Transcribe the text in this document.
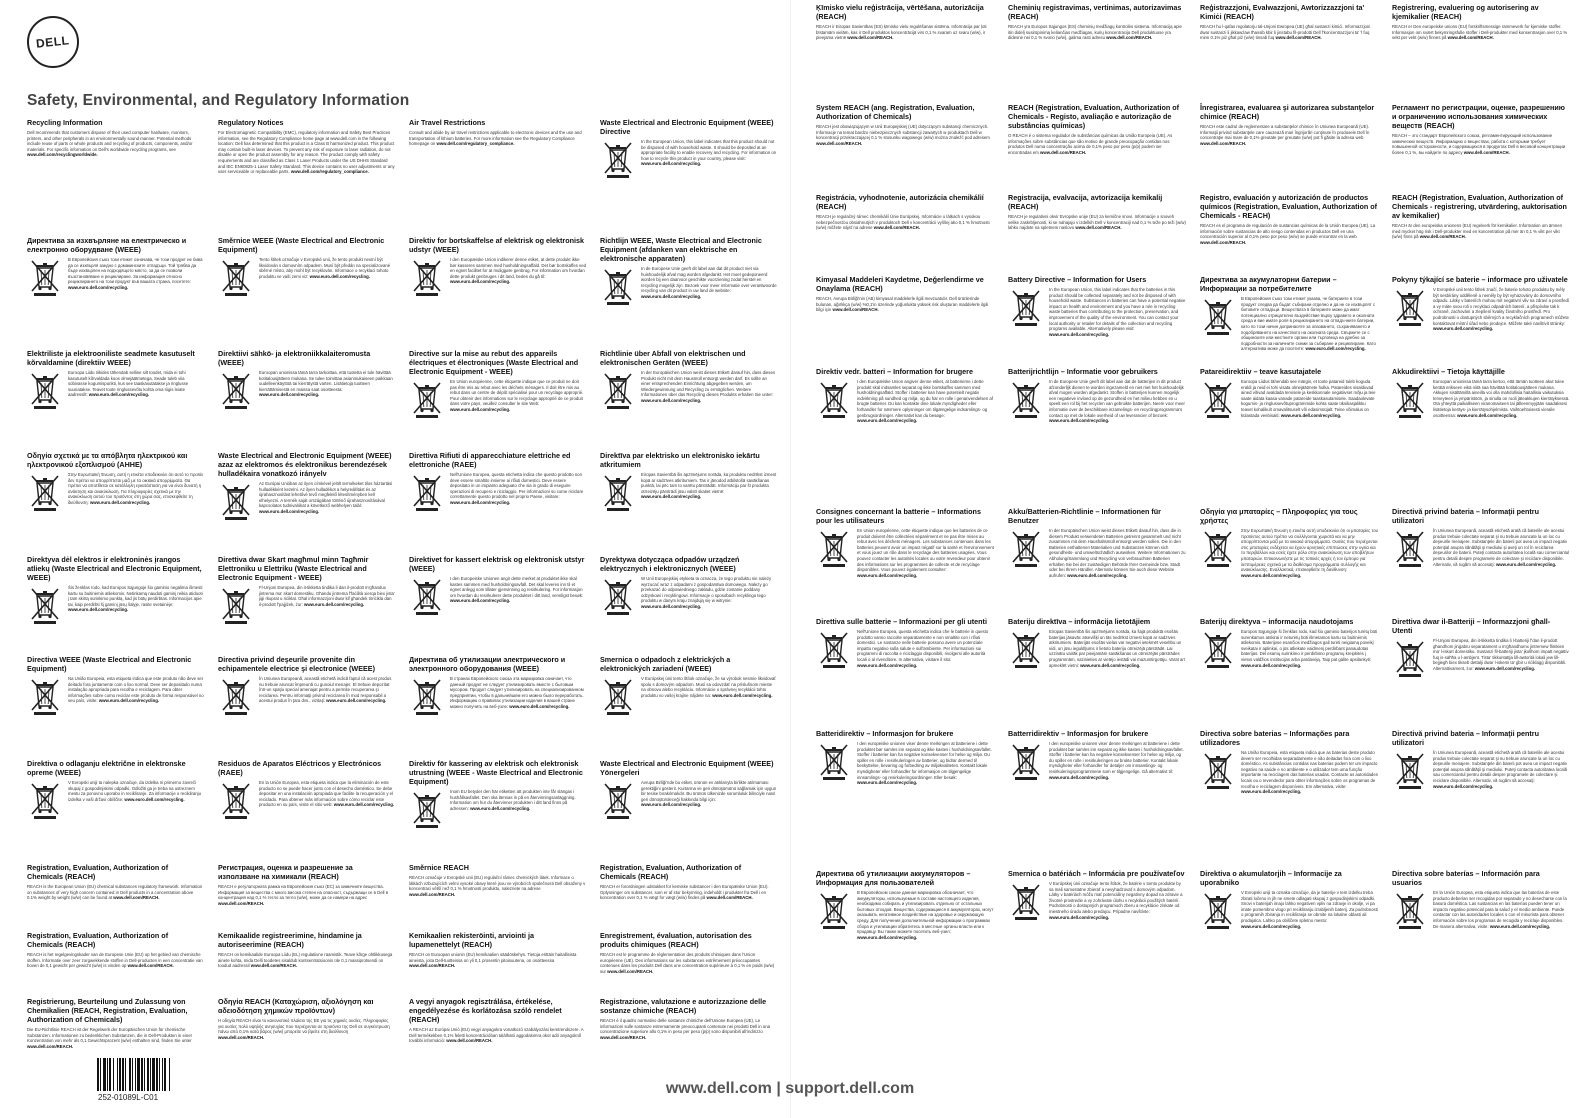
DELL
Safety, Environmental, and Regulatory Information
Recycling Information

Dell recommends that customers dispose of their used computer hardware, monitors, printers, and other peripherals in an environmentally sound manner. Potential methods include reuse of parts or whole products and recycling of products, components, and/or materials. For specific information on Dell's worldwide recycling programs, see www.dell.com/recyclingworldwide.

Regulatory Notices

For Electromagnetic Compatibility (EMC), regulatory information and Safety Best Practices information, see the Regulatory Compliance home page at www.dell.com in the following location: Dell has determined that this product is a Class B harmonized product. This product may contain built-in laser devices. To prevent any risk of exposure to laser radiation, do not disable or open the product assembly for any reason. The product comply with safety requirements and are classified as Class 1 Laser Products under the US DHHS Standard and IEC EN60825-1 Laser Safety Standard. This device contains no user adjustments or any user serviceable or replaceable parts. www.dell.com/regulatory_compliance.

Air Travel Restrictions

Consult and abide by air travel restrictions applicable to electronic devices and the use and transportation of lithium batteries. For more information see the Regulatory Compliance homepage on www.dell.com/regulatory_compliance.

Waste Electrical and Electronic Equipment (WEEE) Directive

In the European Union, this label indicates that this product should not be disposed of with household waste. It should be deposited at an appropriate facility to enable recovery and recycling. For information on how to recycle this product in your country, please visit: www.euro.dell.com/recycling.

Директива за изхвърляне на електрическо и електронно оборудване (WEEE)

В Европейския съюз този етикет означава, че този продукт не бива да се изхвърля заедно с домакинските отпадъци. Той трябва да бъде изхвърлен на подходящото място, за да се позволи възстановяване и рециклиране. За информация относно рециклирането на този продукт във вашата страна, посетете: www.euro.dell.com/recycling.

Směrnice WEEE (Waste Electrical and Electronic Equipment)

Tento štítek označuje v Evropské unii, že tento produkt nesmí být likvidován s domovním odpadem. Musí být předán na specializované sběrné místo, aby mohl být recyklován. Informace o recyklaci tohoto produktu ve vaší zemi viz: www.euro.dell.com/recycling.

Direktiv for bortskaffelse af elektrisk og elektronisk udstyr (WEEE)

I den Europæiske Union indikerer denne etiket, at dette produkt ikke bør kasseres sammen med husholdningsaffald. Det bør bortskaffes ved en egnet facilitet for at muliggøre genbrug. For information om hvordan dette produkt genbruges i dit land, bedes du gå til: www.euro.dell.com/recycling.

Richtlijn WEEE, Waste Electrical and Electronic Equipment (afdanken van elektrische en elektronische apparaten)

In de Europese Unie geeft dit label aan dat dit product niet via huishoudelijk afval mag worden afgedankt. Het moet gedeponeerd worden bij een daarvoor geschikte voorziening zodat herstel en recycling mogelijk zijn. Bezoek voor meer informatie over verantwoorde recycling van dit product in uw land de website: www.euro.dell.com/recycling.

Elektriliste ja elektrooniliste seadmete kasutuselt kõrvaldamine (direktiiv WEEE)

Euroopa Liidu riikides tähendab selline silt toodet, mida ei tohi kasutuselt kõrvaldada koos olmejäätmetega. Seade tuleb viia sobivasse kogumispunkti, kus see taaskasutatakse ja ringlusse suunatakse. Teavet toote ringlussevõtu kohta oma riigis leiate aadressilt: www.euro.dell.com/recycling.

Direktiivi sähkö- ja elektroniikkalaiteromusta (WEEE)

Euroopan unionissa tämä tarra tarkoittaa, että tuotetta ei tule hävittää kotitalousjätteen mukana. Se tulee toimittaa asianmukaiseen paikkaan uudelleenkäyttöä tai kierrätystä varten. Lisätietoja tuotteen kierrättämisestä eri maissa saat osoitteesta: www.euro.dell.com/recycling.

Directive sur la mise au rebut des appareils électriques et électroniques (Waste Electrical and Electronic Equipment - WEEE)

En Union européenne, cette étiquette indique que ce produit ne doit pas être mis au rebut avec les déchets ménagers. Il doit être mis au rebut dans un centre de dépôt spécialisé pour un recyclage approprié. Pour obtenir des informations sur le recyclage approprié de ce produit dans votre pays, veuillez consulter le site Web: www.euro.dell.com/recycling.

Richtlinie über Abfall von elektrischen und elektronischen Geräten (WEEE)

In der Europäischen Union weist dieses Etikett darauf hin, dass dieses Produkt nicht mit dem Hausmüll entsorgt werden darf. Es sollte an einer entsprechenden Einrichtung abgegeben werden, um Wiedergewinnung und Recycling zu ermöglichen. Weitere Informationen über das Recycling dieses Produkts erhalten Sie unter: www.euro.dell.com/recycling.

Οδηγία σχετικά με τα απόβλητα ηλεκτρικού και ηλεκτρονικού εξοπλισμού (ΑΗΗΕ)

Στην Ευρωπαϊκή Ένωση, αυτή η ετικέτα υποδεικνύει ότι αυτό το προϊόν δεν πρέπει να απορρίπτεται μαζί με τα οικιακά απορρίμματα. Θα πρέπει να αποτίθεται σε κατάλληλη εγκατάσταση για να είναι δυνατή η ανάκτηση και ανακύκλωση. Για πληροφορίες σχετικά με την ανακύκλωση αυτού του προϊόντος στη χώρα σας, επισκεφθείτε τη διεύθυνση: www.euro.dell.com/recycling.

Waste Electrical and Electronic Equipment (WEEE) azaz az elektromos és elektronikus berendezések hulladékaira vonatkozó irányelv

Az Európai Unióban az ilyen címkével jelölt termékeket tilos háztartási hulladékként kezelni. Az ilyen hulladékot a helyreállítást és az újrahasznosítást lehetővé tevő megfelelő létesítményben kell elhelyezni. A termék saját országában történő újrahasznosításával kapcsolatos tudnivalókat a következő webhelyen talál: www.euro.dell.com/recycling.

Direttiva Rifiuti di apparecchiature elettriche ed elettroniche (RAEE)

Nell'Unione Europea, questa etichetta indica che questo prodotto non deve essere smaltito insieme ai rifiuti domestici. Deve essere depositato in un impianto adeguato che sia in grado di eseguire operazioni di recupero e riciclaggio. Per informazioni su come riciclare correttamente questo prodotto nel proprio Paese, visitare: www.euro.dell.com/recycling.

Direktīva par elektrisko un elektronisko iekārtu atkritumiem

Eiropas Savienībā šis apzīmējums norāda, ka produktu nedrīkst izmest kopā ar sadzīves atkritumiem. Tas ir jānodod atbilstošā savākšanas punktā, lai pēc tam to varētu pārstrādāt. Informāciju par šī produkta otrreizēju pārstrādi jūsu valstī skatiet vietnē: www.euro.dell.com/recycling.

Direktyva dėl elektros ir elektroninės įrangos atliekų (Waste Electrical and Electronic Equipment, WEEE)

Šis ženklas rodo, kad Europos Sąjungoje šio gaminio negalima išmesti kartu su buitinėmis atliekomis. Netinkamą naudoti gaminį reikia atiduoti į tam skirtą surinkimo punktą, kad jis būtų perdirbtas. Informacijos apie tai, kaip perdirbti šį gaminį jūsų šalyje, rasite svetainėje: www.euro.dell.com/recycling.

Direttiva dwar Skart magħmul minn Tagħmir Elettroniku u Elettriku (Waste Electrical and Electronic Equipment - WEEE)

Fl-Unjoni Ewropea, din it-tikketta tindika li dan il-prodott m'għandux jintrema ma' skart domestiku. Għandu jintrema f'faċilità xierqa biex jista' jiġi rkuprat u riċiklat. Għal informazzjoni dwar kif għandek tirriċikla dan il-prodott f'pajjiżek, żur: www.euro.dell.com/recycling.

Direktivet for kassert elektrisk og elektronisk utstyr (WEEE)

I den Europeiske Unionen angir dette merket at produktet ikke skal kastes sammen med husholdningsavfall. Det skal leveres inn til et egnet anlegg som tillater gjenvinning og resirkulering. For informasjon om hvordan du resirkulerer dette produktet i ditt land, vennligst besøk: www.euro.dell.com/recycling.

Dyrektywa dotycząca odpadów urządzeń elektrycznych i elektronicznych (WEEE)

W Unii Europejskiej etykieta ta oznacza, że tego produktu nie należy wyrzucać wraz z odpadami z gospodarstwa domowego. Należy go przekazać do odpowiedniego zakładu, gdzie zostanie poddany odzyskowi i recyklingowi. Informacje o sposobach recyklingu tego produktu w danym kraju znajdują się w witrynie: www.euro.dell.com/recycling.

Directiva WEEE (Waste Electrical and Electronic Equipment)

Na União Europeia, esta etiqueta indica que este produto não deve ser deitado fora juntamente com o lixo normal. Deve ser depositado numa instalação apropriada para recolha e reciclagem. Para obter informações sobre como reciclar este produto de forma responsável no seu país, visite: www.euro.dell.com/recycling.

Directiva privind deşeurile provenite din echipamentele electrice şi electronice (WEEE)

În Uniunea Europeană, această etichetă indică faptul că acest produs nu trebuie aruncat împreună cu gunoiul menajer. El trebuie depozitat într-un spaţiu special amenajat pentru a permite recuperarea şi reciclarea. Pentru informaţii privind reciclarea în mod responsabil a acestui produs în ţara dvs., vizitaţi: www.euro.dell.com/recycling.

Директива об утилизации электрического и электронного оборудования (WEEE)

В странах Европейского союза эта маркировка означает, что данный продукт не следует утилизировать вместе с бытовым мусором. Продукт следует утилизировать на специализированном предприятии, чтобы в дальнейшем его можно было переработать. Информацию о правилах утилизации изделия в вашей стране можно получить на веб-узле: www.euro.dell.com/recycling.

Smernica o odpadoch z elektrických a elektronických zariadení (WEEE)

V Európskej únii tento štítok označuje, že sa výrobok nesmie likvidovať spolu s domovým odpadom. Musí sa odovzdať na príslušnom mieste na obnovu alebo recykláciu. Informácie o správnej recyklácii tohto produktu vo vašej krajine nájdete na: www.euro.dell.com/recycling.

Direktiva o odlaganju električne in elektronske opreme (WEEE)

V Evropski uniji ta nalepka označuje, da izdelka ni primerno zavreči skupaj z gospodinjskimi odpadki. Odložiti ga je treba na ustreznem mestu za ponovno uporabo in recikliranje. Za informacije o recikliranju izdelka v vaši državi obiščite: www.euro.dell.com/recycling.

Residuos de Aparatos Eléctricos y Electrónicos (RAEE)

En la Unión Europea, esta etiqueta indica que la eliminación de este producto no se puede hacer junto con el desecho doméstico. Se debe depositar en una instalación apropiada que facilite la recuperación y el reciclado. Para obtener más información sobre cómo reciclar este producto en su país, visite el sitio web: www.euro.dell.com/recycling.

Direktiv för kassering av elektrisk och elektronisk utrustning (WEEE - Waste Electrical and Electronic Equipment)

Inom EU betyder den här etiketten att produkten inte får slängas i hushållsavfallet. Den ska lämnas in på en återvinningsanläggning. Information om hur du återvinner produkten i ditt land finns på adressen: www.euro.dell.com/recycling.

Waste Electrical and Electronic Equipment (WEEE) Yönergeleri

Avrupa Birliği'nde bu etiket, ürünün ev atıklarıyla birlikte atılmaması gerektiğini gösterir. Kurtarma ve geri dönüşümünü sağlamak için uygun bir tesise bırakılmalıdır. Bu ürünün ülkenizde sorumluluk bilinciyle nasıl geri dönüştürüleceği hakkında bilgi için: www.euro.dell.com/recycling.

Registration, Evaluation, Authorization of Chemicals (REACH)

REACH is the European Union (EU) chemical substances regulatory framework. Information on substances of very high concern contained in Dell products in a concentration above 0.1% weight by weight (w/w) can be found at www.dell.com/REACH.

Регистрация, оценка и разрешение за използване на химикали (REACH)

REACH е регулаторната рамка на Европейския съюз (ЕС) за химичните вещества. Информация за вещества с много висока степен на опасност, съдържащи се в Dell в концентрация над 0,1 % тегло за тегло (w/w), може да се намери на адрес www.dell.com/REACH.

Směrnice REACH

REACH označuje v Evropské unii (EU) regulační rámec chemických látek. Informace o látkách vzbuzujících velmi vysoké obavy které jsou ve výrobcích společnosti Dell obsaženy v koncentraci větší než 0,1 % hmotnosti produktu, naleznete na adrese www.dell.com/REACH.

Registration, Evaluation, Authorization of Chemicals (REACH)

REACH er forordningen udstukket for kemiske substancer i den Europæiske Union (EU). Oplysninger om substancer, som er af stor bekymring, indeholdt i produkter fra Dell i en koncentration over 0,1 % vægt for vægt (w/w) findes på www.dell.com/REACH.

Registration, Evaluation, Authorization of Chemicals (REACH)

REACH is het regelgevingskader van de Europese Unie (EU) op het gebied van chemische stoffen. Informatie over zeer zorgwekkende stoffen in Dell-producten in een concentratie van boven de 0,1 gewicht per gewicht (w/w) is vinden op www.dell.com/REACH.

Kemikaalide registreerimine, hindamine ja autoriseerimine (REACH)

REACH on kemikaalide Euroopa Liidu (EL) regulatiivne raamistik. Teave kõrge ohtlikkusega ainete kohta, mida Delli toodetes sisaldub kontsentratsioonis üle 0,1 massiprotsendi on toodud aadressil www.dell.com/REACH.

Kemikaalien rekisteröinti, arviointi ja lupamenettelyt (REACH)

REACH on Euroopan unionin (EU) kemikaalien säädöskehys. Tietoja erittäin haitallisista aineista, joita Dell-tuotteissa on yli 0,1 prosentin pitoisuutena, on osoitteessa www.dell.com/REACH.

Enregistrement, évaluation, autorisation des produits chimiques (REACH)

REACH est le programme de réglementation des produits chimiques dans l'Union européenne (UE). Des informations sur les substances extrêmement préoccupantes contenues dans les produits Dell dans une concentration supérieure à 0,1 % en poids (w/w) sur www.dell.com/REACH.

Registrierung, Beurteilung und Zulassung von Chemikalien (REACH, Registration, Evaluation, Authorization of Chemicals)

Die EU-Richtlinie REACH ist der Regelwerk der Europäischen Union für chemische Substanzen. Informationen zu bedenklichen Substanzen, die in Dell-Produkten in einer Konzentration von mehr als 0,1 Gewichtsprozent (w/w) enthalten sind, finden Sie unter www.dell.com/REACH.

Οδηγία REACH (Καταχώριση, αξιολόγηση και αδειοδότηση χημικών προϊόντων)

Η οδηγία REACH είναι το κανονιστικό πλαίσιο της ΕΕ για τις χημικές ουσίες. Πληροφορίες για ουσίες πολύ υψηλής ανησυχίας που περιέχονται σε προϊόντα της Dell σε συγκέντρωση πάνω από 0,1% κατά βάρος (w/w) μπορείτε να βρείτε στη διεύθυνση www.dell.com/REACH.

A vegyi anyagok regisztrálása, értékelése, engedélyezése és korlátozása szóló rendelet (REACH)

A REACH az Európai Unió (EU) vegyi anyagokra vonatkozó szabályozási keretrendszere. A Dell termékekben 0,1% feletti koncentrációban található aggodalomra okot adó anyagokról további információ: www.dell.com/REACH.

Registrazione, valutazione e autorizzazione delle sostanze chimiche (REACH)

REACH è il quadro normativo delle sostanze chimiche dell'Unione Europea (UE). Le informazioni sulle sostanze estremamente preoccupanti contenute nei prodotti Dell in una concentrazione superiore allo 0,1% in peso per peso (p/p) sono disponibili all'indirizzo www.dell.com/REACH.

252-01089L-C01
Ķīmisko vielu reģistrācija, vērtēšana, autorizācija (REACH)

REACH ir Eiropas Savienības (ES) ķīmisko vielu regulēšanas sistēma. Informācija par ļoti bīstamām vielām, kas ir Dell produktos koncentrācijā virs 0,1 % svaram uz svaru (w/w), ir pieejama vietnē www.dell.com/REACH.

Cheminių registravimas, vertinimas, autorizavimas (REACH)

REACH yra Europos Sąjungos (ES) cheminių medžiagų kontrolės sistema. Informaciją apie itin didelį susirūpinimą keliančias medžiagas, kurių koncentracija Dell produktuose yra didesnė nei 0,1 % svorio (w/w), galima rasti adresu www.dell.com/REACH.

Reģistrazzjoni, Evalwazzjoni, Awtorizzazzjoni ta' Kimiċi (REACH)

REACH hu l-qafas regolatorju tal-Unjoni Ewropea (UE) għal sustanzi kimiċi. Informazzjoni dwar sustanzi li jikkawżaw tħassib kbir li jinstabu fil-prodotti Dell f'konċentrazzjoni ta' 'l fuq minn 0.1% piż għal piż (w/w) tinsab fuq www.dell.com/REACH.

Registrering, evaluering og autorisering av kjemikalier (REACH)

REACH er Den europeiske unions (EU) forskriftsmessige rammeverk for kjemiske stoffer. Informasjon om svært bekymringsfulle stoffer i Dell-produkter med konsentrasjon over 0,1 % vekt per vekt (w/w) finnes på www.dell.com/REACH.

System REACH (ang. Registration, Evaluation, Authorization of Chemicals)

REACH jest obowiązującym w Unii Europejskiej (UE) dotyczącym substancji chemicznych. Informacje na temat bardzo niebezpiecznych substancji zawartych w produktach Dell w koncentracji przekraczającej 0,1 % stosunku wagowego (w/w) można znaleźć pod adresem www.dell.com/REACH.

REACH (Registration, Evaluation, Authorization of Chemicals - Registo, avaliação e autorização de substâncias químicas)

O REACH é o sistema regulador de substâncias químicas da União Europeia (UE). As informações sobre substâncias que são motivo de grande preocupação contidas nos produtos Dell numa concentração acima de 0,1% peso por peso (p/p) podem ser encontradas em www.dell.com/REACH.

Înregistrarea, evaluarea şi autorizarea substanţelor chimice (REACH)

REACH este cadrul de reglementare a substanţelor chimice în Uniunea Europeană (UE). Informaţii privind substanţele care cauzează mari îngrijorări conţinute în produsele Dell în concentraţie mai mare de 0,1% greutate per greutate (w/w) pot fi găsite la adresa web www.dell.com/REACH.

Регламент по регистрации, оценке, разрешению и ограничению использования химических веществ (REACH)

REACH – это стандарт Европейского союза, регламентирующий использование химических веществ. Информацию о веществах, работа с которыми требует повышенной осторожности, и содержащихся в продуктах Dell в весовой концентрации более 0,1 %, вы найдете по адресу www.dell.com/REACH.

Registrácia, vyhodnotenie, autorizácia chemikálií (REACH)

REACH je regulačný rámec chemikálií Únie Európskej. Informácie o látkach s vysokou nebezpečnosťou obsiahnutých v produktoch Dell v koncentrácii vyššej ako 0,1 % hmotnosti (w/w) môžete nájsť na adrese www.dell.com/REACH.

Registracija, evalvacija, avtorizacija kemikalij (REACH)

REACH je regulativni okvir Evropske unije (EU) za kemične snovi. Informacije o snoveh velike zaskrbljenosti, ki se nahajajo v izdelkih Dell v koncentraciji nad 0,1 % teže po teži (w/w) lahko najdete na spletnem naslovu www.dell.com/REACH.

Registro, evaluación y autorización de productos químicos (Registration, Evaluation, Authorization of Chemicals - REACH)

REACH es el programa de regulación de sustancias químicas de la Unión Europea (UE). La información sobre sustancias de alto riesgo contenidas en productos Dell en una concentración superior al 0,1% peso por peso (w/w) se puede encontrar en la web www.dell.com/REACH.

REACH (Registration, Evaluation, Authorization of Chemicals - registrering, utvärdering, auktorisation av kemikalier)

REACH är den europeiska unionens (EU) regelverk för kemikalier. Information om ämnen med mycket hög risk i Dell-produkter med en koncentration på mer än 0,1 % vikt per vikt (w/w) finns på www.dell.com/REACH.

Kimyasal Maddeleri Kaydetme, Değerlendirme ve Onaylama (REACH)

REACH, Avrupa Birliği'nin (AB) kimyasal maddelerle ilgili mevzuatıdır. Dell ürünlerinde bulunan, ağırlıkça (w/w) %0,1'in üzerinde yoğunlukta yüksek risk oluşturan maddelerle ilgili bilgi için www.dell.com/REACH.

Battery Directive – Information for Users

In the European Union, this label indicates that the batteries in this product should be collected separately and not be disposed of with household waste. Substances in batteries can have a potential negative impact on health and environment and you have a role in recycling waste batteries thus contributing to the protection, preservation, and improvement of the quality of the environment. You can contact your local authority or retailer for details of the collection and recycling programs available. Alternatively please visit: www.euro.dell.com/recycling.

Директива за акумулаторни батерии – Информации за потребителите

В Европейския съюз този етикет указва, че батериите в този продукт следва да бъдат събирани отделно и да не се изхвърлят с битовите отпадъци. Веществата в батериите може да имат потенциално отрицателно въздействие върху здравето и околната среда и вие имате роля в рециклирането на отпадъчните батерии, като по този начин допринасяте за опазването, съхраняването и подобряването на качеството на околната среда. Свържете се с общинските или местните органи или търговеца на дребно за подробности за наличните схеми за събиране и рециклиране. Като алтернатива може да посетите: www.euro.dell.com/recycling.

Pokyny týkající se baterie – informace pro uživatele

V Evropské unii tento štítek značí, že baterie tohoto produktu by měly být sesbírány odděleně a neměly by být vyhazovány do domovního odpadu. Látky v bateriích mohou mít negativní vliv na zdraví a prostředí a vy máte svou roli v recyklaci odpadních baterií, a přispíváte tak k ochraně, zachování a zlepšení kvality životního prostředí. Pro podrobnosti o dostupných sběrných a recyklačních programech můžete kontaktovat místní úřad nebo prodejce. Můžete také navštívit stránky: www.euro.dell.com/recycling.

Direktiv vedr. batteri – Information for brugere

I den Europæiske Union angiver denne etiket, at batterierne i dette produkt skal indsamles separat og ikke bortskaffes sammen med husholdningsaffald. Stoffer i batterier kan have potentielt negativ indvirkning på sundhed og miljø, og du har en rolle i genanvendelsen af brugte batterier. Du kan kontakte dine lokale myndigheder eller forhandler for nærmere oplysninger om tilgængelige indsamlings- og genbrugsordninger. Alternativt kan du besøge: www.euro.dell.com/recycling.

Batterijrichtlijn – Informatie voor gebruikers

In de Europese Unie geeft dit label aan dat de batterijen in dit product afzonderlijk dienen te worden ingezameld en niet met het huishoudelijk afval mogen worden afgedankt. Stoffen in batterijen kunnen mogelijk een negatieve invloed op de gezondheid en het milieu hebben en u speelt een rol bij het recyclen van gebruikte batterijen. Neem voor meer informatie over de beschikbare inzamelings- en recyclingprogramma's contact op met de lokale overheid of uw leverancier of bezoek: www.euro.dell.com/recycling.

Patareidirektiiv – teave kasutajatele

Euroopa Liidus tähendab see märgis, et toote patareid tuleb koguda eraldi ja neid ei tohi visata olmejäätmete hulka. Patareides sisalduvad ained võivad avaldada tervisele ja keskkonnale negatiivset mõju ja teie saate aidata kaasa vanade patareide taaskasutamisele. Saadaolevate kogumis- ja ringlussevõtuprogrammide kohta saate üksikasjalikku teavet kohalikult omavalitsuselt või edasimüüjalt. Teine võimalus on külastada veebisaiti: www.euro.dell.com/recycling.

Akkudirektiivi – Tietoja käyttäjille

Euroopan unionissa tämä tarra kertoo, että tämän tuotteen akut tulee kerätä erikseen eikä niitä saa hävittää kotitalousjätteen mukana. Akkujen sisältämillä aineilla voi olla mahdollisia haitallisia vaikutuksia terveyteen ja ympäristöön, ja sinulla on rooli jäteakkujen kierrätyksessä. Ota yhteyttä paikalliseen viranomaiseen tai jälleenmyyjään saadaksesi lisätietoja keräys- ja kierrätysohjelmista. Vaihtoehtoisesti vieraile osoitteessa: www.euro.dell.com/recycling.

Consignes concernant la batterie – Informations pour les utilisateurs

En Union européenne, cette étiquette indique que les batteries de ce produit doivent être collectées séparément et ne pas être mises au rebut avec les déchets ménagers. Les substances contenues dans les batteries peuvent avoir un impact négatif sur la santé et l'environnement et vous jouez un rôle dans le recyclage des batteries usagées. Vous pouvez contacter les autorités locales ou votre revendeur pour obtenir des informations sur les programmes de collecte et de recyclage disponibles. Vous pouvez également consulter: www.euro.dell.com/recycling.

Akku/Batterien-Richtlinie – Informationen für Benutzer

In der Europäischen Union weist dieses Etikett darauf hin, dass die in diesem Produkt verwendeten Batterien getrennt gesammelt und nicht zusammen mit dem Haushaltsmüll entsorgt werden sollen. Die in den Batterien enthaltenen Materialien und Substanzen können sich gesundheits- und umweltschädlich auswirken. Weitere Informationen zu Abholung/Sammlung und Recycling von verbrauchten Batterien erhalten Sie bei der zuständigen Behörde Ihrer Gemeinde bzw. Stadt oder bei Ihrem Händler. Alternativ können Sie auch diese Website aufrufen: www.euro.dell.com/recycling.

Οδηγία για μπαταρίες – Πληροφορίες για τους χρήστες

Στην Ευρωπαϊκή Ένωση η ετικέτα αυτή υποδεικνύει ότι οι μπαταρίες του προϊόντος αυτού πρέπει να συλλέγονται χωριστά και να μην απορρίπτονται μαζί με τα οικιακά απορρίμματα. Ουσίες που περιέχονται στις μπαταρίες ενδέχεται να έχουν αρνητικές επιπτώσεις στην υγεία και το περιβάλλον και εσείς έχετε ρόλο στην ανακύκλωση των αποβλήτων μπαταριών. Επικοινωνήστε με τις τοπικές αρχές ή τον έμπορο για λεπτομέρειες σχετικά με τα διαθέσιμα προγράμματα συλλογής και ανακύκλωσης. Εναλλακτικά, επισκεφθείτε τη διεύθυνση: www.euro.dell.com/recycling.

Directivă privind bateria – Informaţii pentru utilizatori

În Uniunea Europeană, această etichetă arată că bateriile ale acestui produs trebuie colectate separat şi nu trebuie aruncate la un loc cu deşeurile menajere. Substanţele din baterii pot avea un impact negativ potenţial asupra sănătăţii şi mediului şi aveţi un rol în reciclarea deşeurilor de baterii. Puteţi contacta autoritatea locală sau comerciantul pentru detalii despre programele de colectare şi reciclare disponibile. Alternativ, vă rugăm să accesaţi: www.euro.dell.com/recycling.

Direttiva sulle batterie – Informazioni per gli utenti

Nell'Unione Europea, questa etichetta indica che le batterie in questo prodotto vanno raccolte separatamente e non smaltite con i rifiuti domestici. Le sostanze nelle batterie possono avere un potenziale impatto negativo sulla salute e sull'ambiente. Per informazioni sui programmi di raccolta e riciclaggio disponibili, rivolgersi alle autorità locali o al rivenditore. In alternativa, visitare il sito: www.euro.dell.com/recycling.

Bateriju direktīva – informācija lietotājiem

Eiropas Savienībā šis apzīmējums norāda, ka šajā produktā esošās baterijas jāsavāc atsevišķi un tās nedrīkst izmest kopā ar sadzīves atkritumiem. Baterijās esošās vielas var negatīvi ietekmēt veselību un vidi, un jūsu ieguldījums ir lietoto bateriju otrreizējā pārstrādē. Lai uzzinātu vairāk par pieejamām savākšanas un otrreizējās pārstrādes programmām, sazinieties ar vietējo iestādi vai mazumtirgotāju. Varat arī apmeklēt vietni: www.euro.dell.com/recycling.

Baterijų direktyva – informacija naudotojams

Europos Sąjungoje ši ženklas rodo, kad šio gaminio baterijos turėtų būti surenkamos atskirai ir neturėtų būti išmetamos kartu su buitinėmis atliekomis. Baterijose esančios medžiagos gali turėti neigiamą poveikį sveikatai ir aplinkai, o jūs atliekate vaidmenį perdirbant panaudotas baterijas. Dėl esamų surinkimo ir perdirbimo programų kreipkitės į vietos valdžios institucijas arba pardavėją. Taip pat galite apsilankyti: www.euro.dell.com/recycling.

Direttiva dwar il-Batteriji – Informazzjoni għall-Utenti

Fl-Unjoni Ewropea, din it-tikketta tindika li l-batteriji f'dan il-prodott għandhom jinġabru separatament u m'għandhomx jintremew flimkien ma' l-iskart domestiku. Sustanzi fil-batteriji jista' jkollhom impatt negattiv fuq is-saħħa u l-ambjent. Tista' tikkuntattja lill-awtorità lokali jew lill-bejjiegħ biex tikseb dettalji dwar l-iskemi ta' ġbir u riċiklaġġ disponibbli. Alternattivament, żur: www.euro.dell.com/recycling.

Batteridirektiv – Informasjon for brukere

I den europeiske unionen viser denne merkingen at batteriene i dette produktet bør samles inn separat og ikke kastes i husholdningsavfallet. Stoffer i batterier kan ha negative konsekvenser for helse og miljø. Du spiller en rolle i resirkuleringen av batterier, og bidrar dermed til beskyttelse, bevaring og forbedring av miljøkvaliteten. Kontakt lokale myndigheter eller forhandler for informasjon om tilgjengelige innsamlings- og resirkuleringsordninger. Eller besøk: www.euro.dell.com/recycling.

Batterridirektiv – Informasjon for brukere

I den europeiske unionen viser denne merkingen at batteriene i dette produktet bør samles inn separat og ikke kastes i husholdningsavfallet. Stoffer i batterier kan ha negative konsekvenser for helse og miljø, og du spiller en rolle i resirkuleringen av brukte batterier. Kontakt lokale myndigheter eller forhandler for detaljer om innsamlings- og resirkuleringsprogrammene som er tilgjengelige. Gå alternativt til: www.euro.dell.com/recycling.

Directiva sobre baterias – Informações para utilizadores

Na União Europeia, esta etiqueta indica que as baterias deste produto devem ser recolhidas separadamente e não deitadas fora com o lixo doméstico. As substâncias contidas nas baterias podem ter um impacto negativo na saúde e no ambiente e o utilizador tem uma função importante na reciclagem das baterias usadas. Contacte as autoridades locais ou o revendedor para obter informações sobre os programas de recolha e reciclagem disponíveis. Em alternativa, visite: www.euro.dell.com/recycling.

Directivă privind bateria – Informaţii pentru utilizatori

În Uniunea Europeană, această etichetă arată că bateriile ale acestui produs trebuie colectate separat şi nu trebuie aruncate la un loc cu deşeurile menajere. Substanţele din baterii pot avea un impact negativ potenţial asupra sănătăţii şi mediului. Puteţi contacta autoritatea locală sau comerciantul pentru detalii despre programele de colectare şi reciclare disponibile. Alternativ, vă rugăm să accesaţi: www.euro.dell.com/recycling.

Директива об утилизации аккумуляторов – Информация для пользователей

В Европейском союзе данная маркировка обозначает, что аккумуляторы, используемые в составе настоящего изделия, необходимо собирать и утилизировать отдельно от остальных бытовых отходов. Вещества, содержащиеся в аккумуляторах, могут оказывать негативное воздействие на здоровье и окружающую среду. Для получения дополнительной информации о программах сбора и утилизации обратитесь в местные органы власти или к продавцу. Вы также можете посетить веб-узел: www.euro.dell.com/recycling.

Smernica o batériách – Informácia pre používateľov

V Európskej únii označuje tento štítok, že batérie v tomto produkte by sa mali samostatne zbierať a nevyhadzovať s domovým odpadom. Látky v batériách môžu mať potenciálny negatívny dopad na zdravie a životné prostredie a vy zohrávate úlohu v recyklácii použitých batérií. Podrobnosti o dostupných programoch zberu a recyklácie získate od miestneho úradu alebo predajcu. Prípadne navštívte: www.euro.dell.com/recycling.

Direktiva o akumulatorjih – Informacije za uporabniko

V Evropski uniji ta oznaka označuje, da je baterije v tem izdelku treba zbirati ločeno in jih ne smete odlagati skupaj z gospodinjskimi odpadki. Snovi v baterijah imajo lahko negativen vpliv na zdravje in okolje, vi pa imate pomembno vlogo pri recikliranju izrabljenih baterij. Za podrobnosti o programih zbiranja in recikliranja se obrnite na lokalne oblasti ali prodajalca. Lahko pa obiščete spletno mesto: www.euro.dell.com/recycling.

Directiva sobre baterías – Información para usuarios

En la Unión Europea, esta etiqueta indica que las baterías de este producto deberían ser recogidas por separado y no desecharse con la basura doméstica. Las sustancias en las baterías pueden tener un impacto negativo potencial para la salud y el medio ambiente. Puede contactar con las autoridades locales o con el minorista para obtener información sobre los programas de recogida y reciclaje disponibles. De manera alternativa, visite: www.euro.dell.com/recycling.

www.dell.com | support.dell.com
